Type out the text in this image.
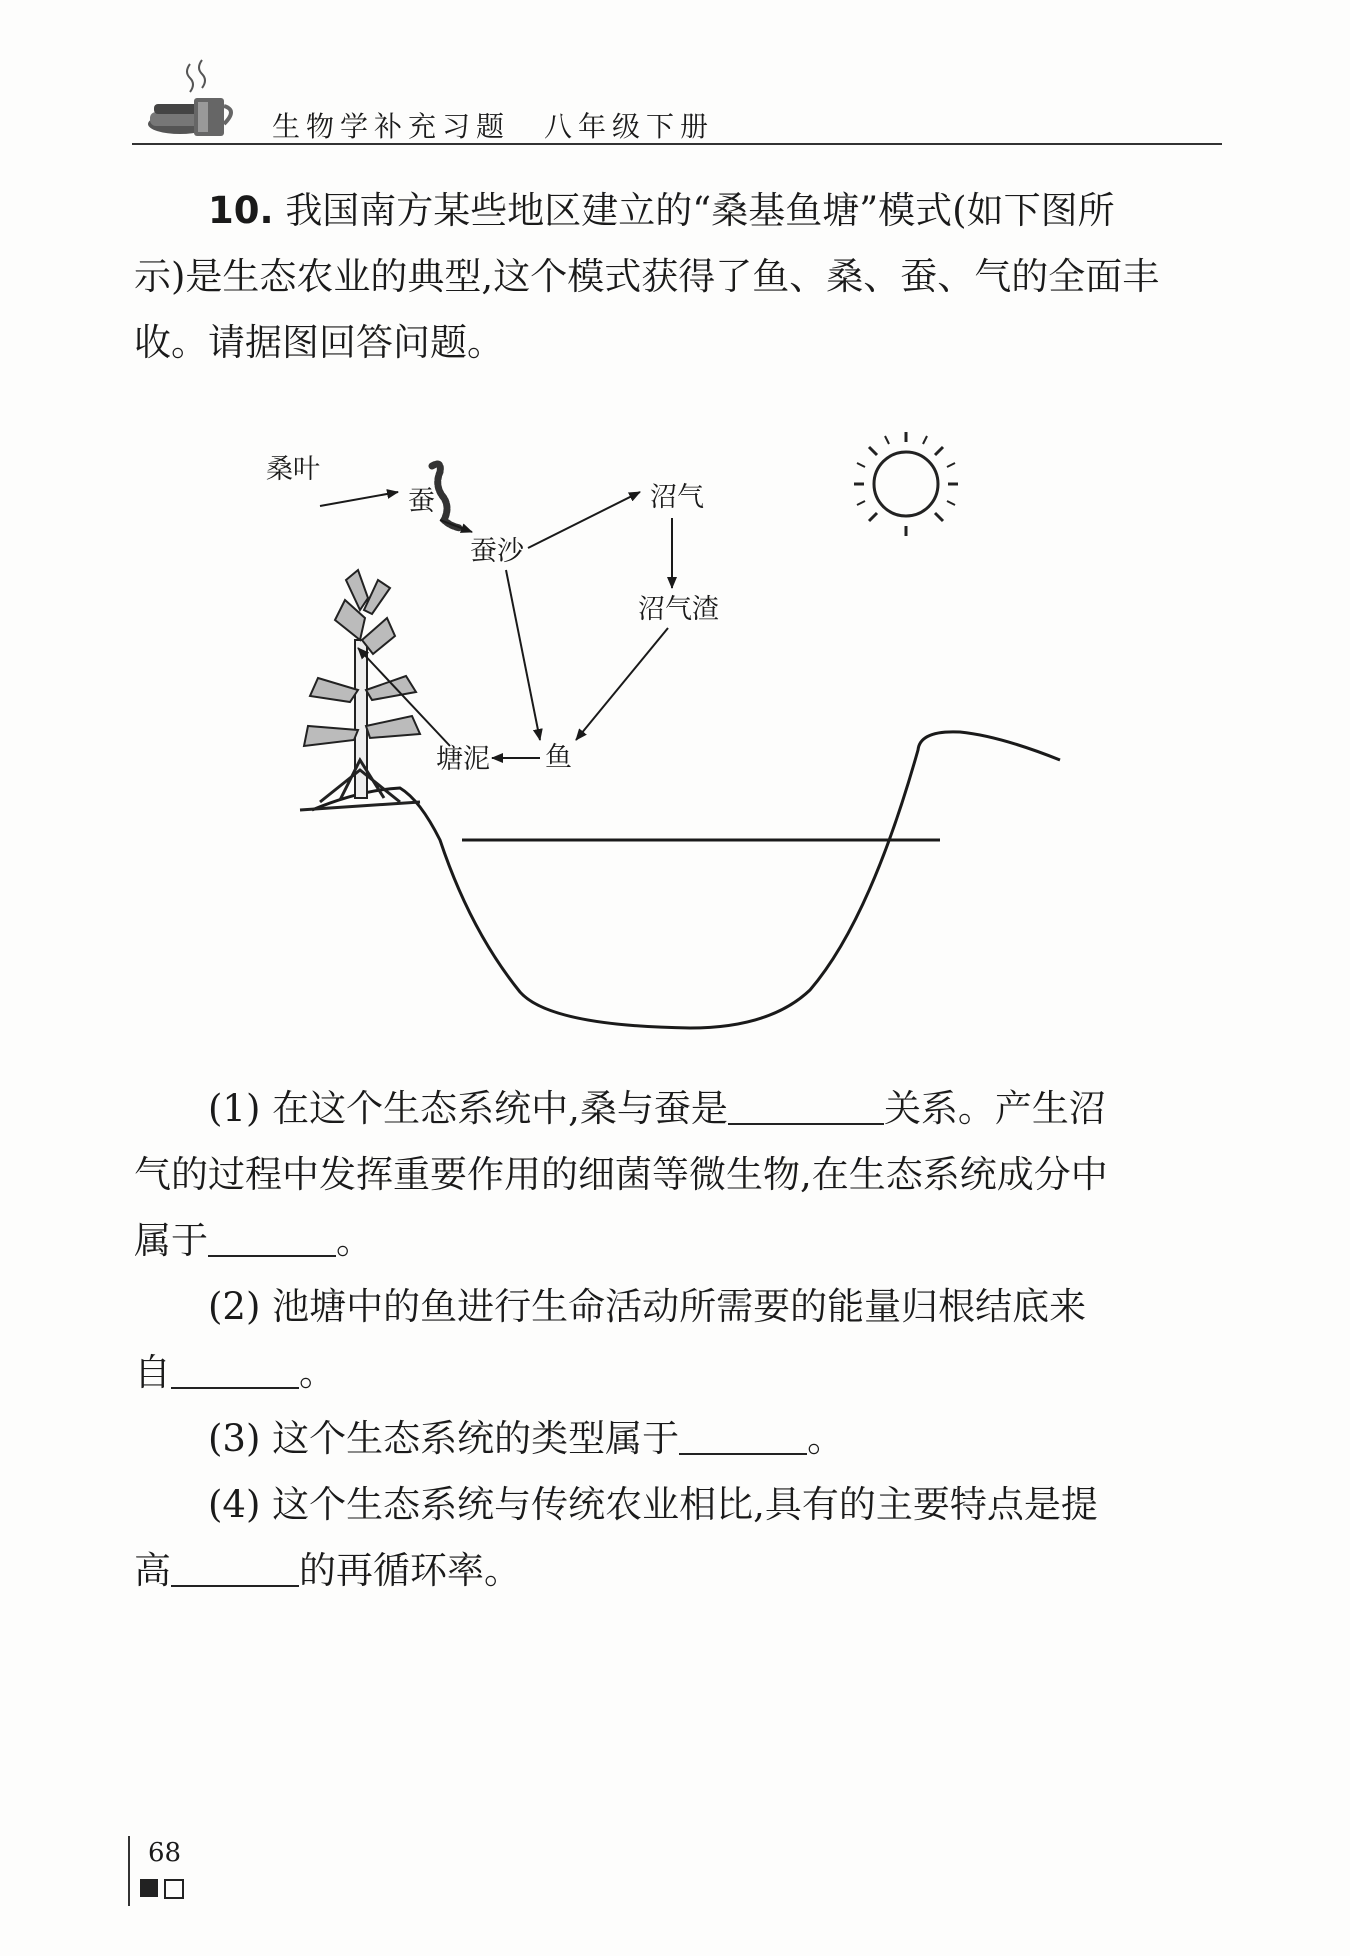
生物学补充习题　八年级下册
10. 我国南方某些地区建立的“桑基鱼塘”模式(如下图所
示)是生态农业的典型,这个模式获得了鱼、桑、蚕、气的全面丰
收。请据图回答问题。
桑叶
蚕
蚕沙
沼气
沼气渣
塘泥 鱼
(1) 在这个生态系统中,桑与蚕是	关系。产生沼
气的过程中发挥重要作用的细菌等微生物,在生态系统成分中
属于	。
(2) 池塘中的鱼进行生命活动所需要的能量归根结底来
自	。
(3) 这个生态系统的类型属于	。
(4) 这个生态系统与传统农业相比,具有的主要特点是提
高	的再循环率。
68
